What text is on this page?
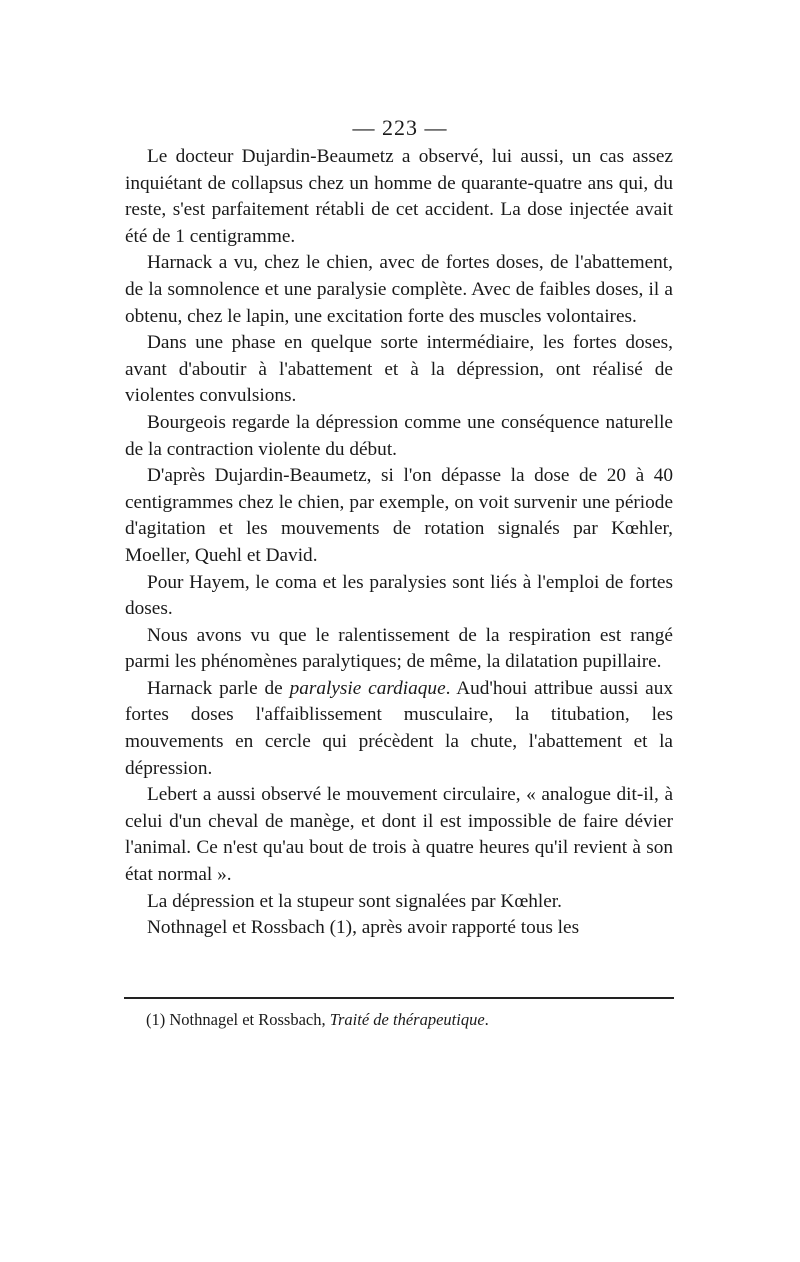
— 223 —

Le docteur Dujardin-Beaumetz a observé, lui aussi, un cas assez inquiétant de collapsus chez un homme de quarante-quatre ans qui, du reste, s'est parfaitement rétabli de cet accident. La dose injectée avait été de 1 centigramme.

Harnack a vu, chez le chien, avec de fortes doses, de l'abattement, de la somnolence et une paralysie complète. Avec de faibles doses, il a obtenu, chez le lapin, une excitation forte des muscles volontaires.

Dans une phase en quelque sorte intermédiaire, les fortes doses, avant d'aboutir à l'abattement et à la dépression, ont réalisé de violentes convulsions.

Bourgeois regarde la dépression comme une conséquence naturelle de la contraction violente du début.

D'après Dujardin-Beaumetz, si l'on dépasse la dose de 20 à 40 centigrammes chez le chien, par exemple, on voit survenir une période d'agitation et les mouvements de rotation signalés par Kœhler, Moeller, Quehl et David.

Pour Hayem, le coma et les paralysies sont liés à l'emploi de fortes doses.

Nous avons vu que le ralentissement de la respiration est rangé parmi les phénomènes paralytiques; de même, la dilatation pupillaire.

Harnack parle de paralysie cardiaque. Aud'houi attribue aussi aux fortes doses l'affaiblissement musculaire, la titubation, les mouvements en cercle qui précèdent la chute, l'abattement et la dépression.

Lebert a aussi observé le mouvement circulaire, « analogue dit-il, à celui d'un cheval de manège, et dont il est impossible de faire dévier l'animal. Ce n'est qu'au bout de trois à quatre heures qu'il revient à son état normal ».

La dépression et la stupeur sont signalées par Kœhler.

Nothnagel et Rossbach (1), après avoir rapporté tous les

(1) Nothnagel et Rossbach, Traité de thérapeutique.
